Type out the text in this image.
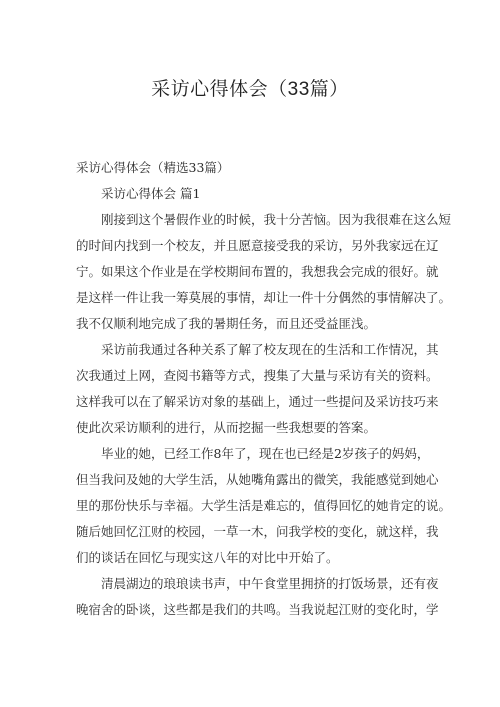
采访心得体会（33篇）
采访心得体会（精选33篇）
采访心得体会 篇1
刚接到这个暑假作业的时候，我十分苦恼。因为我很难在这么短
的时间内找到一个校友，并且愿意接受我的采访，另外我家远在辽
宁。如果这个作业是在学校期间布置的，我想我会完成的很好。就
是这样一件让我一筹莫展的事情，却让一件十分偶然的事情解决了。
我不仅顺利地完成了我的暑期任务，而且还受益匪浅。
采访前我通过各种关系了解了校友现在的生活和工作情况，其
次我通过上网，查阅书籍等方式，搜集了大量与采访有关的资料。
这样我可以在了解采访对象的基础上，通过一些提问及采访技巧来
使此次采访顺利的进行，从而挖掘一些我想要的答案。
毕业的她，已经工作8年了，现在也已经是2岁孩子的妈妈，
但当我问及她的大学生活，从她嘴角露出的微笑，我能感觉到她心
里的那份快乐与幸福。大学生活是难忘的，值得回忆的她肯定的说。
随后她回忆江财的校园，一草一木，问我学校的变化，就这样，我
们的谈话在回忆与现实这八年的对比中开始了。
清晨湖边的琅琅读书声，中午食堂里拥挤的打饭场景，还有夜
晚宿舍的卧谈，这些都是我们的共鸣。当我说起江财的变化时，学
